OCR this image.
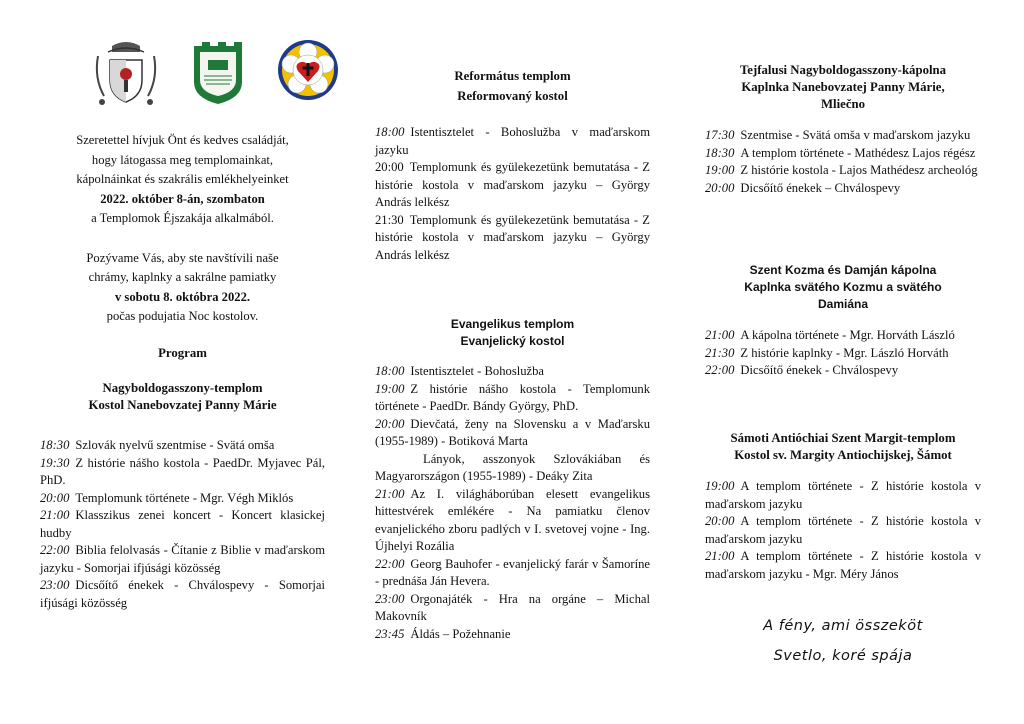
Szeretettel hívjuk Önt és kedves családját,

hogy látogassa meg templomainkat,

kápolnáinkat és szakrális emlékhelyeinket

2022. október 8-án, szombaton

a Templomok Éjszakája alkalmából.

Pozývame Vás, aby ste navštívili naše

chrámy, kaplnky a sakrálne pamiatky

v sobotu 8. októbra 2022.

počas podujatia Noc kostolov.

Program
Nagyboldogasszony-templom
Kostol Nanebovzatej Panny Márie
18:30 Szlovák nyelvű szentmise - Svätá omša
19:30 Z histórie nášho kostola - PaedDr. Myjavec Pál, PhD.
20:00 Templomunk története - Mgr. Végh Miklós
21:00 Klasszikus zenei koncert - Koncert klasickej hudby
22:00 Biblia felolvasás - Čítanie z Biblie v maďarskom jazyku - Somorjai ifjúsági közösség
23:00 Dicsőítő énekek - Chválospevy - Somorjai ifjúsági közösség
Református templom
Reformovaný kostol
18:00 Istentisztelet - Bohoslužba v maďarskom jazyku
20:00 Templomunk és gyülekezetünk bemutatása - Z histórie kostola v maďarskom jazyku – György András lelkész
21:30 Templomunk és gyülekezetünk bemutatása - Z histórie kostola v maďarskom jazyku – György András lelkész
Evangelikus templom
Evanjelický kostol
18:00 Istentisztelet - Bohoslužba
19:00 Z histórie nášho kostola - Templomunk története - PaedDr. Bándy György, PhD.
20:00 Dievčatá, ženy na Slovensku a v Maďarsku (1955-1989) - Botiková Marta
Lányok, asszonyok Szlovákiában és Magyarországon (1955-1989) - Deáky Zita
21:00 Az I. világháborúban elesett evangelikus hittestvérek emlékére - Na pamiatku členov evanjelického zboru padlých v I. svetovej vojne - Ing. Újhelyi Rozália
22:00 Georg Bauhofer - evanjelický farár v Šamoríne - prednáša Ján Hevera.
23:00 Orgonajáték - Hra na orgáne – Michal Makovník
23:45 Áldás – Požehnanie
Tejfalusi Nagyboldogasszony-kápolna
Kaplnka Nanebovzatej Panny Márie,
Mliečno
17:30 Szentmise - Svätá omša v maďarskom jazyku
18:30 A templom története - Mathédesz Lajos régész
19:00 Z histórie kostola - Lajos Mathédesz archeológ
20:00 Dicsőítő énekek – Chválospevy
Szent Kozma és Damján kápolna
Kaplnka svätého Kozmu a svätého
Damiána
21:00 A kápolna története - Mgr. Horváth László
21:30 Z histórie kaplnky - Mgr. László Horváth
22:00 Dicsőítő énekek - Chválospevy
Sámoti Antióchiai Szent Margit-templom
Kostol sv. Margity Antiochijskej, Šámot
19:00 A templom története - Z histórie kostola v maďarskom jazyku
20:00 A templom története - Z histórie kostola v maďarskom jazyku
21:00 A templom története - Z histórie kostola v maďarskom jazyku - Mgr. Méry János
A fény, ami összeköt
Svetlo, koré spája
